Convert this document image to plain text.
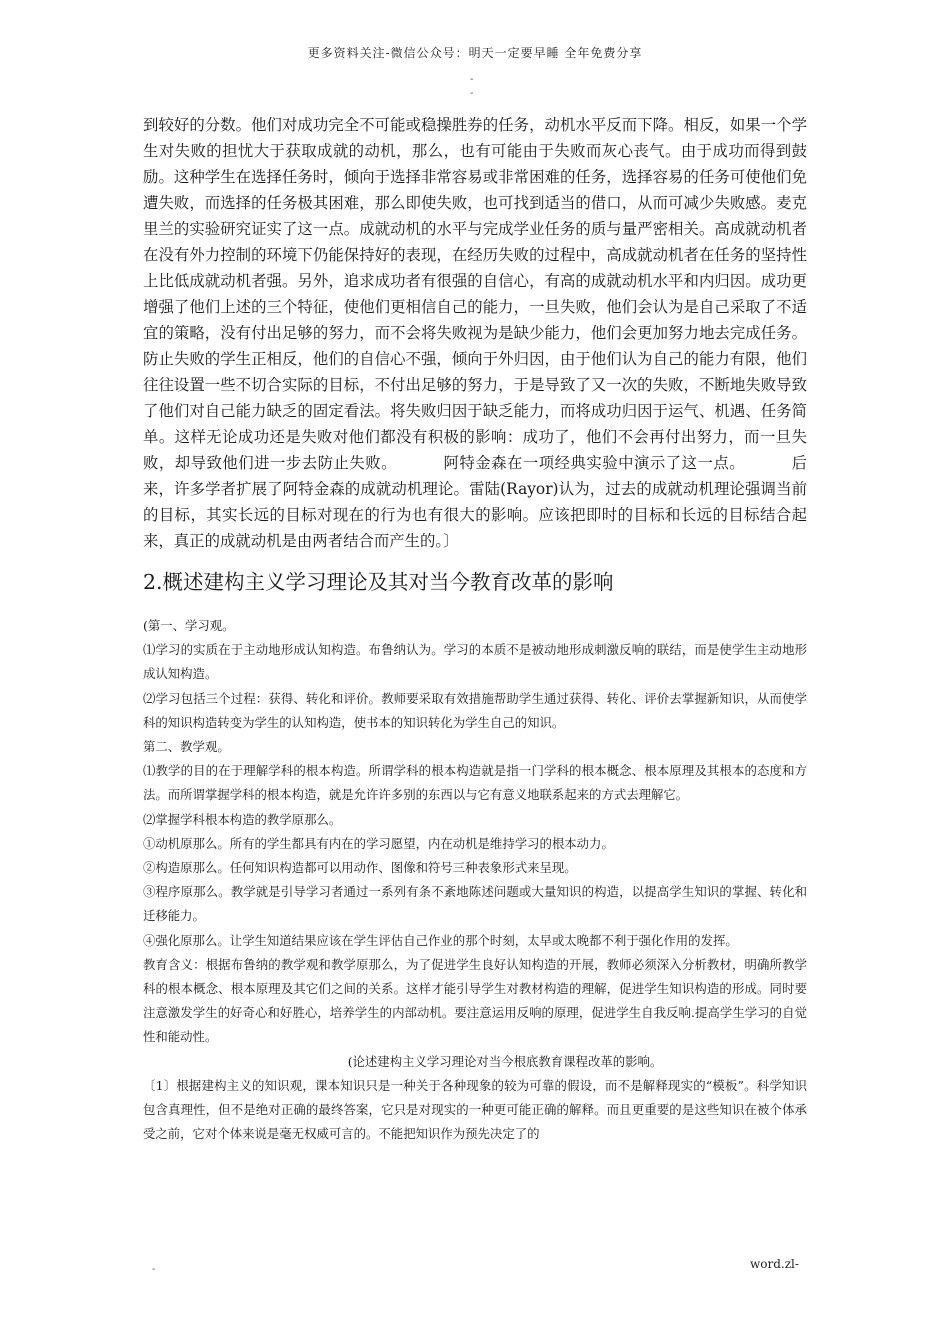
更多资料关注-微信公众号：明天一定要早睡 全年免费分享
-
-

到较好的分数。他们对成功完全不可能或稳操胜券的任务，动机水平反而下降。相反，如果一个学生对失败的担忧大于获取成就的动机，那么，也有可能由于失败而灰心丧气。由于成功而得到鼓励。这种学生在选择任务时，倾向于选择非常容易或非常困难的任务，选择容易的任务可使他们免遭失败，而选择的任务极其困难，那么即使失败，也可找到适当的借口，从而可减少失败感。麦克里兰的实验研究证实了这一点。成就动机的水平与完成学业任务的质与量严密相关。高成就动机者在没有外力控制的环境下仍能保持好的表现，在经历失败的过程中，高成就动机者在任务的坚持性上比低成就动机者强。另外，追求成功者有很强的自信心，有高的成就动机水平和内归因。成功更增强了他们上述的三个特征，使他们更相信自己的能力，一旦失败，他们会认为是自己采取了不适宜的策略，没有付出足够的努力，而不会将失败视为是缺少能力，他们会更加努力地去完成任务。防止失败的学生正相反，他们的自信心不强，倾向于外归因，由于他们认为自己的能力有限，他们往往设置一些不切合实际的目标，不付出足够的努力，于是导致了又一次的失败，不断地失败导致了他们对自己能力缺乏的固定看法。将失败归因于缺乏能力，而将成功归因于运气、机遇、任务简单。这样无论成功还是失败对他们都没有积极的影响：成功了，他们不会再付出努力，而一旦失败，却导致他们进一步去防止失败。	阿特金森在一项经典实验中演示了这一点。	后来，许多学者扩展了阿特金森的成就动机理论。雷陆(Rayor)认为，过去的成就动机理论强调当前的目标，其实长远的目标对现在的行为也有很大的影响。应该把即时的目标和长远的目标结合起来，真正的成就动机是由两者结合而产生的。〕

2.概述建构主义学习理论及其对当今教育改革的影响

(第一、学习观。

⑴学习的实质在于主动地形成认知构造。布鲁纳认为。学习的本质不是被动地形成刺激反响的联结，而是使学生主动地形成认知构造。

⑵学习包括三个过程：获得、转化和评价。教师要采取有效措施帮助学生通过获得、转化、评价去掌握新知识，从而使学科的知识构造转变为学生的认知构造，使书本的知识转化为学生自己的知识。

第二、教学观。

⑴教学的目的在于理解学科的根本构造。所谓学科的根本构造就是指一门学科的根本概念、根本原理及其根本的态度和方法。而所谓掌握学科的根本构造，就是允许许多别的东西以与它有意义地联系起来的方式去理解它。

⑵掌握学科根本构造的教学原那么。

①动机原那么。所有的学生都具有内在的学习愿望，内在动机是维持学习的根本动力。

②构造原那么。任何知识构造都可以用动作、图像和符号三种表象形式来呈现。

③程序原那么。教学就是引导学习者通过一系列有条不紊地陈述问题或大量知识的构造，以提高学生知识的掌握、转化和迁移能力。

④强化原那么。让学生知道结果应该在学生评估自己作业的那个时刻，太早或太晚都不利于强化作用的发挥。

教育含义：根据布鲁纳的教学观和教学原那么，为了促进学生良好认知构造的开展，教师必须深入分析教材，明确所教学科的根本概念、根本原理及其它们之间的关系。这样才能引导学生对教材构造的理解，促进学生知识构造的形成。同时要注意激发学生的好奇心和好胜心，培养学生的内部动机。要注意运用反响的原理，促进学生自我反响.提高学生学习的自觉性和能动性。

(论述建构主义学习理论对当今根底教育课程改革的影响。

〔1〕根据建构主义的知识观，课本知识只是一种关于各种现象的较为可靠的假设，而不是解释现实的“模板”。科学知识包含真理性，但不是绝对正确的最终答案，它只是对现实的一种更可能正确的解释。而且更重要的是这些知识在被个体承受之前，它对个体来说是毫无权威可言的。不能把知识作为预先决定了的

-	word.zl-
